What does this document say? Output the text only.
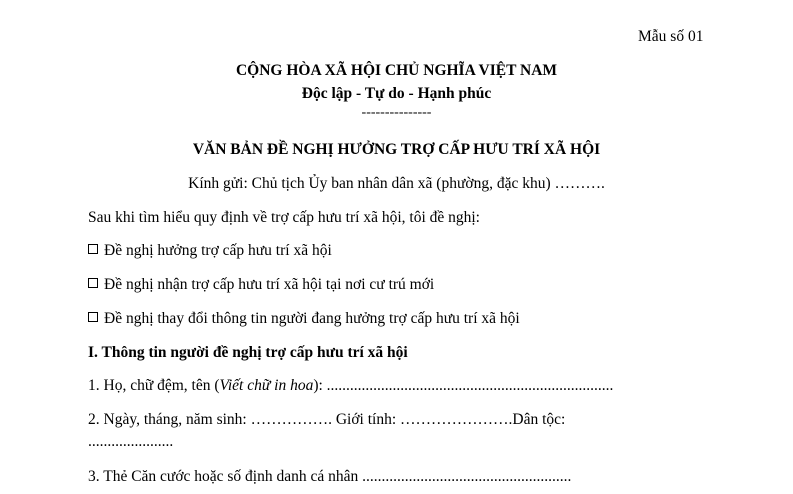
Mẫu số 01
CỘNG HÒA XÃ HỘI CHỦ NGHĨA VIỆT NAM
Độc lập - Tự do - Hạnh phúc
---------------
VĂN BẢN ĐỀ NGHỊ HƯỞNG TRỢ CẤP HƯU TRÍ XÃ HỘI
Kính gửi: Chủ tịch Ủy ban nhân dân xã (phường, đặc khu) ……….
Sau khi tìm hiểu quy định về trợ cấp hưu trí xã hội, tôi đề nghị:
Đề nghị hưởng trợ cấp hưu trí xã hội
Đề nghị nhận trợ cấp hưu trí xã hội tại nơi cư trú mới
Đề nghị thay đổi thông tin người đang hưởng trợ cấp hưu trí xã hội
I. Thông tin người đề nghị trợ cấp hưu trí xã hội
1. Họ, chữ đệm, tên (Viết chữ in hoa): ..........................................................................
2. Ngày, tháng, năm sinh: ……………. Giới tính: ………………….Dân tộc:
......................
3. Thẻ Căn cước hoặc số định danh cá nhân ......................................................
